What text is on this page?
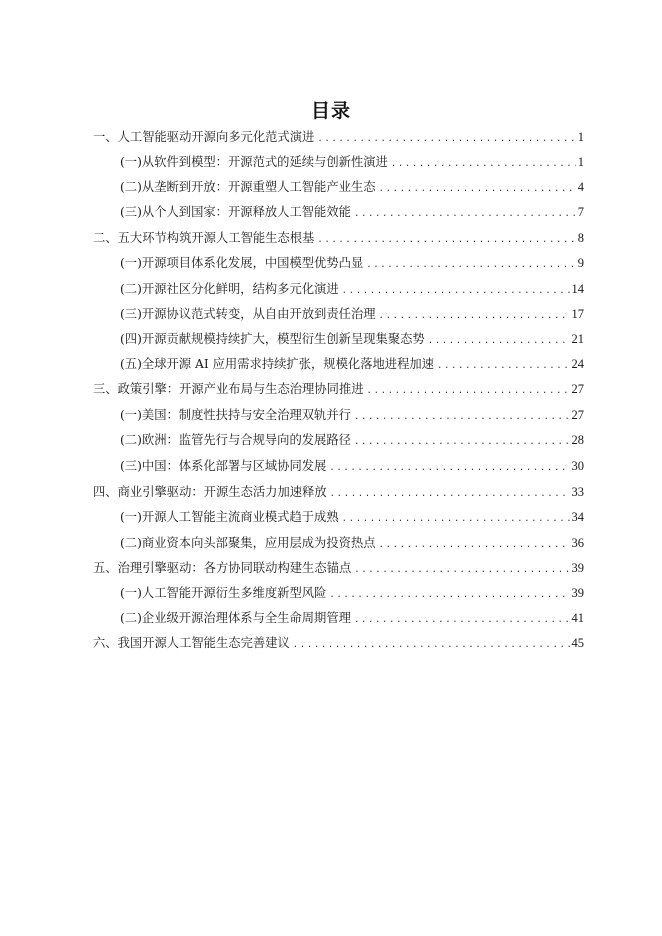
目录
一、人工智能驱动开源向多元化范式演进 .....	1
(一)从软件到模型：开源范式的延续与创新性演进 .....	1
(二)从垄断到开放：开源重塑人工智能产业生态 .....	4
(三)从个人到国家：开源释放人工智能效能 .....	7
二、五大环节构筑开源人工智能生态根基 .....	8
(一)开源项目体系化发展，中国模型优势凸显 .....	9
(二)开源社区分化鲜明，结构多元化演进 .....	14
(三)开源协议范式转变，从自由开放到责任治理 .....	17
(四)开源贡献规模持续扩大，模型衍生创新呈现集聚态势 .....	21
(五)全球开源 AI 应用需求持续扩张，规模化落地进程加速 .....	24
三、政策引擎：开源产业布局与生态治理协同推进 .....	27
(一)美国：制度性扶持与安全治理双轨并行 .....	27
(二)欧洲：监管先行与合规导向的发展路径 .....	28
(三)中国：体系化部署与区域协同发展 .....	30
四、商业引擎驱动：开源生态活力加速释放 .....	33
(一)开源人工智能主流商业模式趋于成熟 .....	34
(二)商业资本向头部聚集，应用层成为投资热点 .....	36
五、治理引擎驱动：各方协同联动构建生态锚点 .....	39
(一)人工智能开源衍生多维度新型风险 .....	39
(二)企业级开源治理体系与全生命周期管理 .....	41
六、我国开源人工智能生态完善建议 .....	45
